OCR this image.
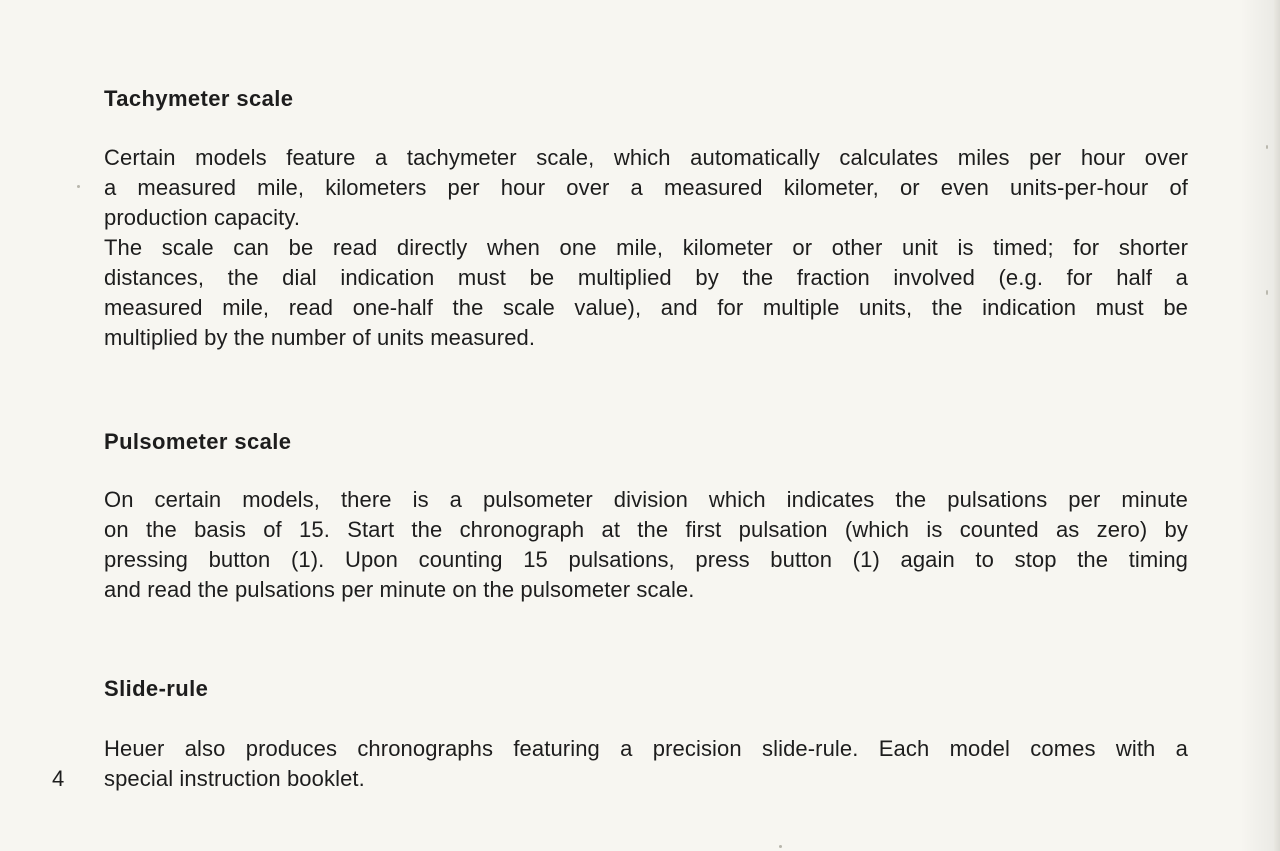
Tachymeter scale

Certain models feature a tachymeter scale, which automatically calculates miles per hour over
a measured mile, kilometers per hour over a measured kilometer, or even units-per-hour of
production capacity.

The scale can be read directly when one mile, kilometer or other unit is timed; for shorter
distances, the dial indication must be multiplied by the fraction involved (e.g. for half a
measured mile, read one-half the scale value), and for multiple units, the indication must be
multiplied by the number of units measured.

Pulsometer scale

On certain models, there is a pulsometer division which indicates the pulsations per minute
on the basis of 15. Start the chronograph at the first pulsation (which is counted as zero) by
pressing button (1). Upon counting 15 pulsations, press button (1) again to stop the timing
and read the pulsations per minute on the pulsometer scale.

Slide-rule

Heuer also produces chronographs featuring a precision slide-rule. Each model comes with a
special instruction booklet.

4
